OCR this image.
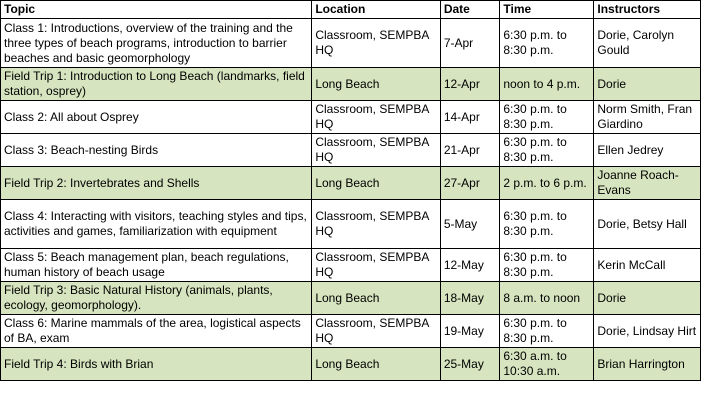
Topic	Location	Date	Time	Instructors
Class 1: Introductions, overview of the training and the three types of beach programs, introduction to barrier beaches and basic geomorphology	Classroom, SEMPBA HQ	7-Apr	6:30 p.m. to 8:30 p.m.	Dorie, Carolyn Gould
Field Trip 1: Introduction to Long Beach (landmarks, field station, osprey)	Long Beach	12-Apr	noon to 4 p.m.	Dorie
Class 2: All about Osprey	Classroom, SEMPBA HQ	14-Apr	6:30 p.m. to 8:30 p.m.	Norm Smith, Fran Giardino
Class 3: Beach-nesting Birds	Classroom, SEMPBA HQ	21-Apr	6:30 p.m. to 8:30 p.m.	Ellen Jedrey
Field Trip 2: Invertebrates and Shells	Long Beach	27-Apr	2 p.m. to 6 p.m.	Joanne Roach-Evans
Class 4: Interacting with visitors, teaching styles and tips, activities and games, familiarization with equipment	Classroom, SEMPBA HQ	5-May	6:30 p.m. to 8:30 p.m.	Dorie, Betsy Hall
Class 5: Beach management plan, beach regulations, human history of beach usage	Classroom, SEMPBA HQ	12-May	6:30 p.m. to 8:30 p.m.	Kerin McCall
Field Trip 3: Basic Natural History (animals, plants, ecology, geomorphology).	Long Beach	18-May	8 a.m. to noon	Dorie
Class 6: Marine mammals of the area, logistical aspects of BA, exam	Classroom, SEMPBA HQ	19-May	6:30 p.m. to 8:30 p.m.	Dorie, Lindsay Hirt
Field Trip 4: Birds with Brian	Long Beach	25-May	6:30 a.m. to 10:30 a.m.	Brian Harrington
